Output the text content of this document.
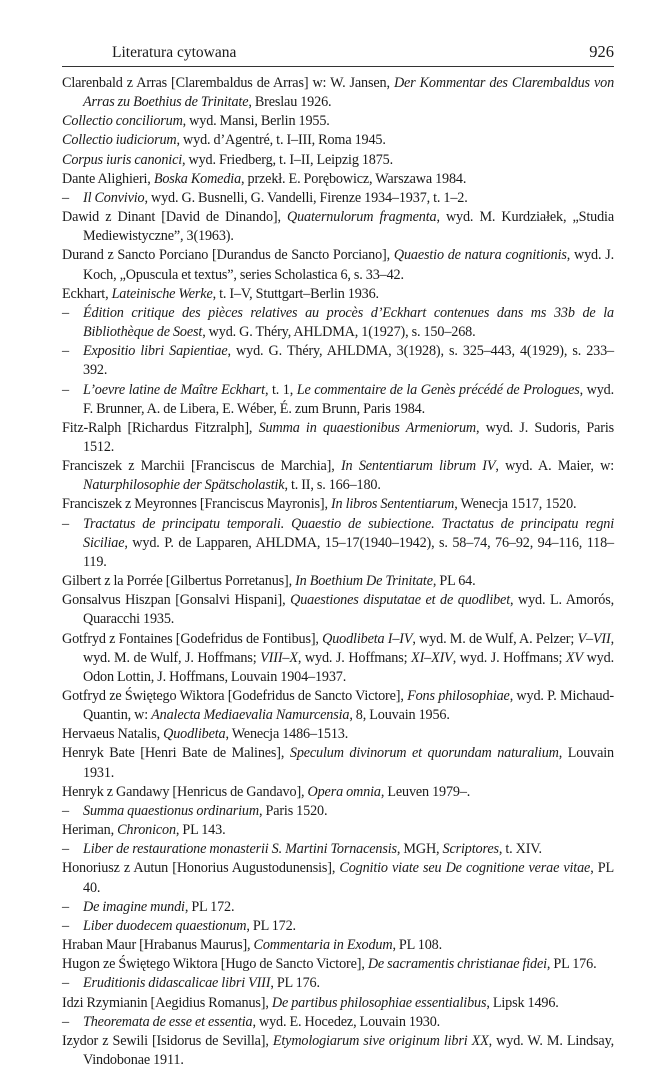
Literatura cytowana	926
Clarenbald z Arras [Clarembaldus de Arras] w: W. Jansen, Der Kommentar des Clarembaldus von Arras zu Boethius de Trinitate, Breslau 1926.
Collectio conciliorum, wyd. Mansi, Berlin 1955.
Collectio iudiciorum, wyd. d’Agentré, t. I–III, Roma 1945.
Corpus iuris canonici, wyd. Friedberg, t. I–II, Leipzig 1875.
Dante Alighieri, Boska Komedia, przekł. E. Porębowicz, Warszawa 1984.
– Il Convivio, wyd. G. Busnelli, G. Vandelli, Firenze 1934–1937, t. 1–2.
Dawid z Dinant [David de Dinando], Quaternulorum fragmenta, wyd. M. Kurdziałek, „Studia Mediewistyczne”, 3(1963).
Durand z Sancto Porciano [Durandus de Sancto Porciano], Quaestio de natura cognitionis, wyd. J. Koch, „Opuscula et textus”, series Scholastica 6, s. 33–42.
Eckhart, Lateinische Werke, t. I–V, Stuttgart–Berlin 1936.
– Édition critique des pièces relatives au procès d’Eckhart contenues dans ms 33b de la Bibliothèque de Soest, wyd. G. Théry, AHLDMA, 1(1927), s. 150–268.
– Expositio libri Sapientiae, wyd. G. Théry, AHLDMA, 3(1928), s. 325–443, 4(1929), s. 233–392.
– L’oevre latine de Maître Eckhart, t. 1, Le commentaire de la Genès précédé de Prologues, wyd. F. Brunner, A. de Libera, E. Wéber, É. zum Brunn, Paris 1984.
Fitz-Ralph [Richardus Fitzralph], Summa in quaestionibus Armeniorum, wyd. J. Sudoris, Paris 1512.
Franciszek z Marchii [Franciscus de Marchia], In Sententiarum librum IV, wyd. A. Maier, w: Naturphilosophie der Spätscholastik, t. II, s. 166–180.
Franciszek z Meyronnes [Franciscus Mayronis], In libros Sententiarum, Wenecja 1517, 1520.
– Tractatus de principatu temporali. Quaestio de subiectione. Tractatus de principatu regni Siciliae, wyd. P. de Lapparen, AHLDMA, 15–17(1940–1942), s. 58–74, 76–92, 94–116, 118–119.
Gilbert z la Porrée [Gilbertus Porretanus], In Boethium De Trinitate, PL 64.
Gonsalvus Hiszpan [Gonsalvi Hispani], Quaestiones disputatae et de quodlibet, wyd. L. Amorós, Quaracchi 1935.
Gotfryd z Fontaines [Godefridus de Fontibus], Quodlibeta I–IV, wyd. M. de Wulf, A. Pelzer; V–VII, wyd. M. de Wulf, J. Hoffmans; VIII–X, wyd. J. Hoffmans; XI–XIV, wyd. J. Hoffmans; XV wyd. Odon Lottin, J. Hoffmans, Louvain 1904–1937.
Gotfryd ze Świętego Wiktora [Godefridus de Sancto Victore], Fons philosophiae, wyd. P. Michaud-Quantin, w: Analecta Mediaevalia Namurcensia, 8, Louvain 1956.
Hervaeus Natalis, Quodlibeta, Wenecja 1486–1513.
Henryk Bate [Henri Bate de Malines], Speculum divinorum et quorundam naturalium, Louvain 1931.
Henryk z Gandawy [Henricus de Gandavo], Opera omnia, Leuven 1979–.
– Summa quaestionus ordinarium, Paris 1520.
Heriman, Chronicon, PL 143.
– Liber de restauratione monasterii S. Martini Tornacensis, MGH, Scriptores, t. XIV.
Honoriusz z Autun [Honorius Augustodunensis], Cognitio viate seu De cognitione verae vitae, PL 40.
– De imagine mundi, PL 172.
– Liber duodecem quaestionum, PL 172.
Hraban Maur [Hrabanus Maurus], Commentaria in Exodum, PL 108.
Hugon ze Świętego Wiktora [Hugo de Sancto Victore], De sacramentis christianae fidei, PL 176.
– Eruditionis didascalicae libri VIII, PL 176.
Idzi Rzymianin [Aegidius Romanus], De partibus philosophiae essentialibus, Lipsk 1496.
– Theoremata de esse et essentia, wyd. E. Hocedez, Louvain 1930.
Izydor z Sewili [Isidorus de Sevilla], Etymologiarum sive originum libri XX, wyd. W. M. Lindsay, Vindobonae 1911.
